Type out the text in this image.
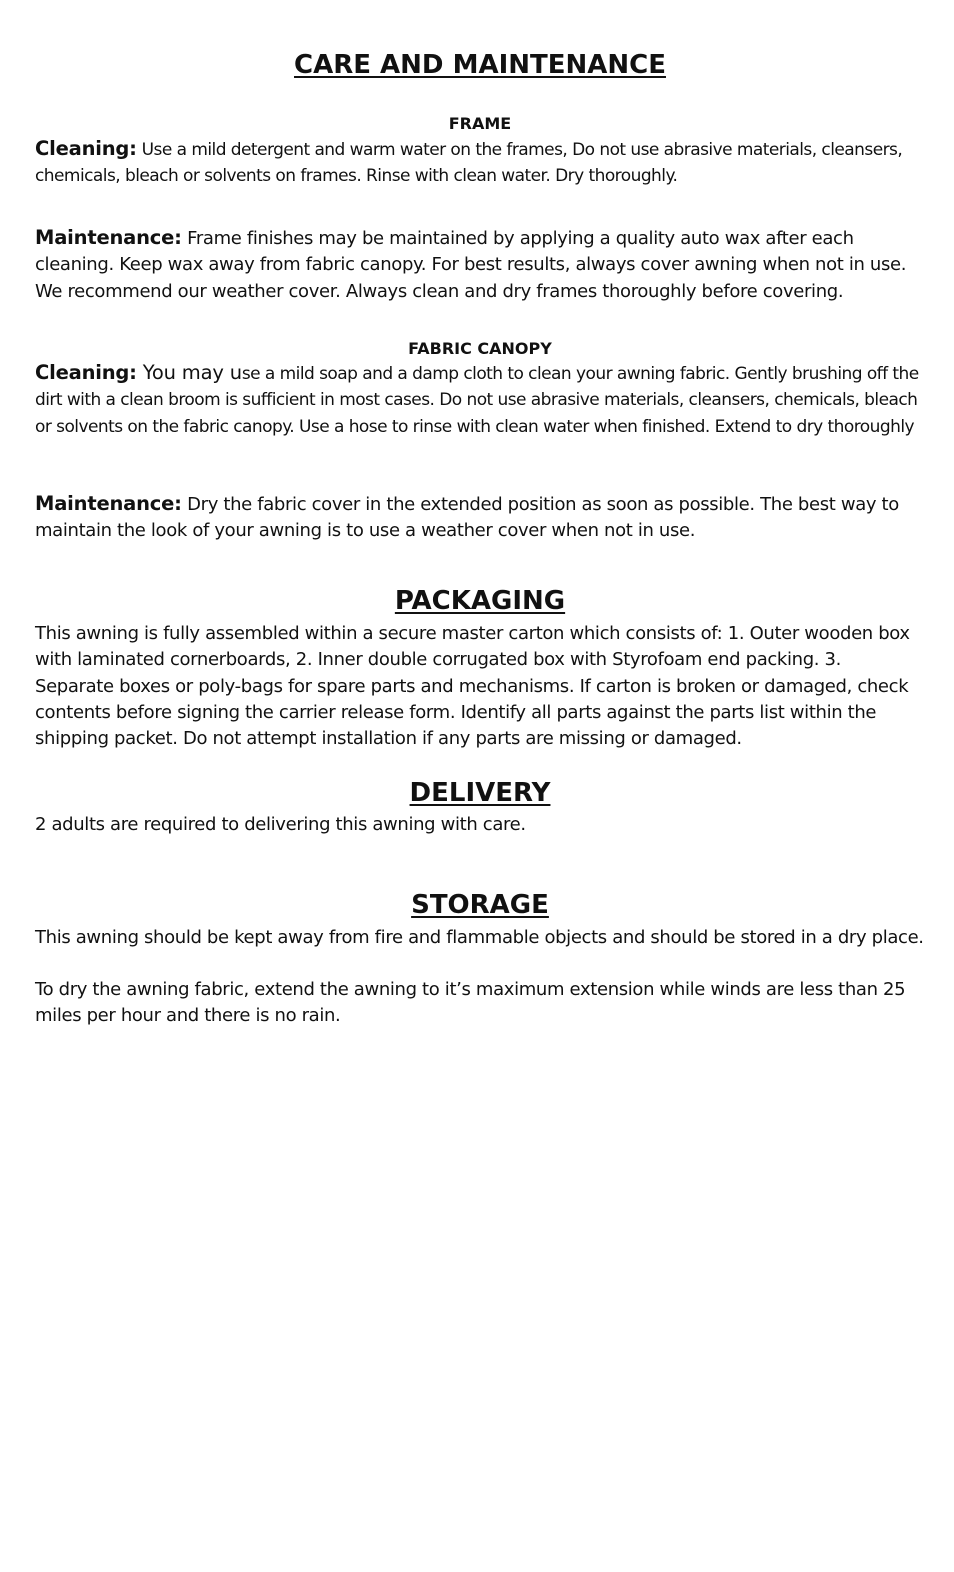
CARE AND MAINTENANCE
FRAME

Cleaning: Use a mild detergent and warm water on the frames, Do not use abrasive materials, cleansers, chemicals, bleach or solvents on frames. Rinse with clean water. Dry thoroughly.

Maintenance: Frame finishes may be maintained by applying a quality auto wax after each cleaning. Keep wax away from fabric canopy. For best results, always cover awning when not in use. We recommend our weather cover. Always clean and dry frames thoroughly before covering.

FABRIC CANOPY

Cleaning: You may use a mild soap and a damp cloth to clean your awning fabric. Gently brushing off the dirt with a clean broom is sufficient in most cases. Do not use abrasive materials, cleansers, chemicals, bleach or solvents on the fabric canopy. Use a hose to rinse with clean water when finished. Extend to dry thoroughly

Maintenance: Dry the fabric cover in the extended position as soon as possible. The best way to maintain the look of your awning is to use a weather cover when not in use.

PACKAGING

This awning is fully assembled within a secure master carton which consists of: 1. Outer wooden box with laminated cornerboards, 2. Inner double corrugated box with Styrofoam end packing. 3. Separate boxes or poly-bags for spare parts and mechanisms. If carton is broken or damaged, check contents before signing the carrier release form. Identify all parts against the parts list within the shipping packet. Do not attempt installation if any parts are missing or damaged.

DELIVERY

2 adults are required to delivering this awning with care.

STORAGE

This awning should be kept away from fire and flammable objects and should be stored in a dry place.

To dry the awning fabric, extend the awning to it’s maximum extension while winds are less than 25 miles per hour and there is no rain.
